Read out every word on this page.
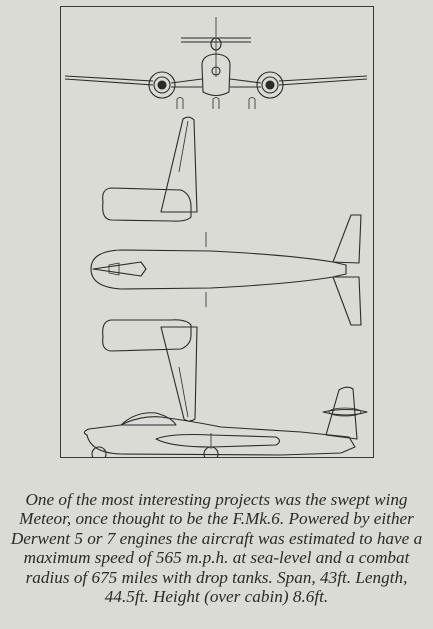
One of the most interesting projects was the swept wing Meteor, once thought to be the F.Mk.6. Powered by either Derwent 5 or 7 engines the aircraft was estimated to have a maximum speed of 565 m.p.h. at sea-level and a combat radius of 675 miles with drop tanks. Span, 43ft. Length, 44.5ft. Height (over cabin) 8.6ft.
